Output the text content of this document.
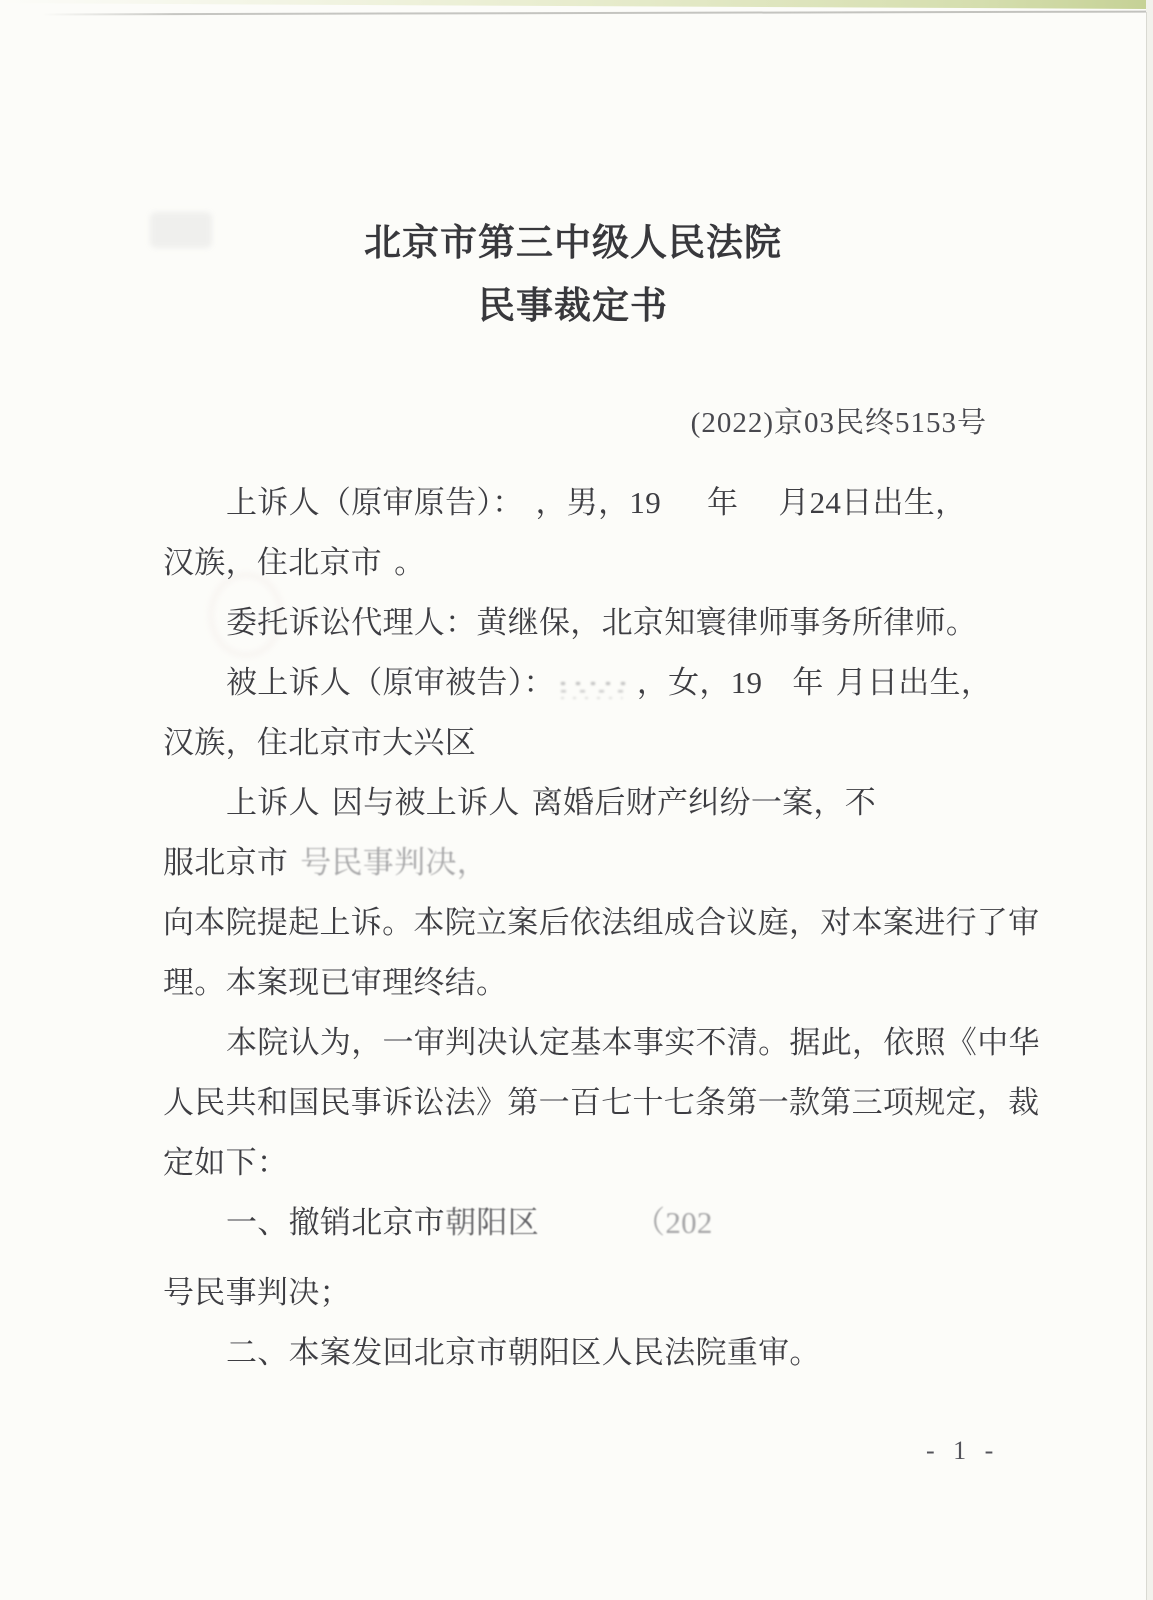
北京市第三中级人民法院
民事裁定书
(2022)京03民终5153号
上诉人（原审原告）： ，男，19 年 月24日出生，
汉族，住北京市 。
委托诉讼代理人：黄继保，北京知寰律师事务所律师。
被上诉人（原审被告）：	，女，19 年 月 日出生，
汉族，住北京市大兴区
上诉人 因与被上诉人 离婚后财产纠纷一案，不
服北京市 号民事判决，
向本院提起上诉。本院立案后依法组成合议庭，对本案进行了审
理。本案现已审理终结。
本院认为，一审判决认定基本事实不清。据此，依照《中华
人民共和国民事诉讼法》第一百七十七条第一款第三项规定，裁
定如下：
一、撤销北京市 朝阳区	（202
号民事判决；
二、本案发回北京市朝阳区人民法院重审。
- 1 -
